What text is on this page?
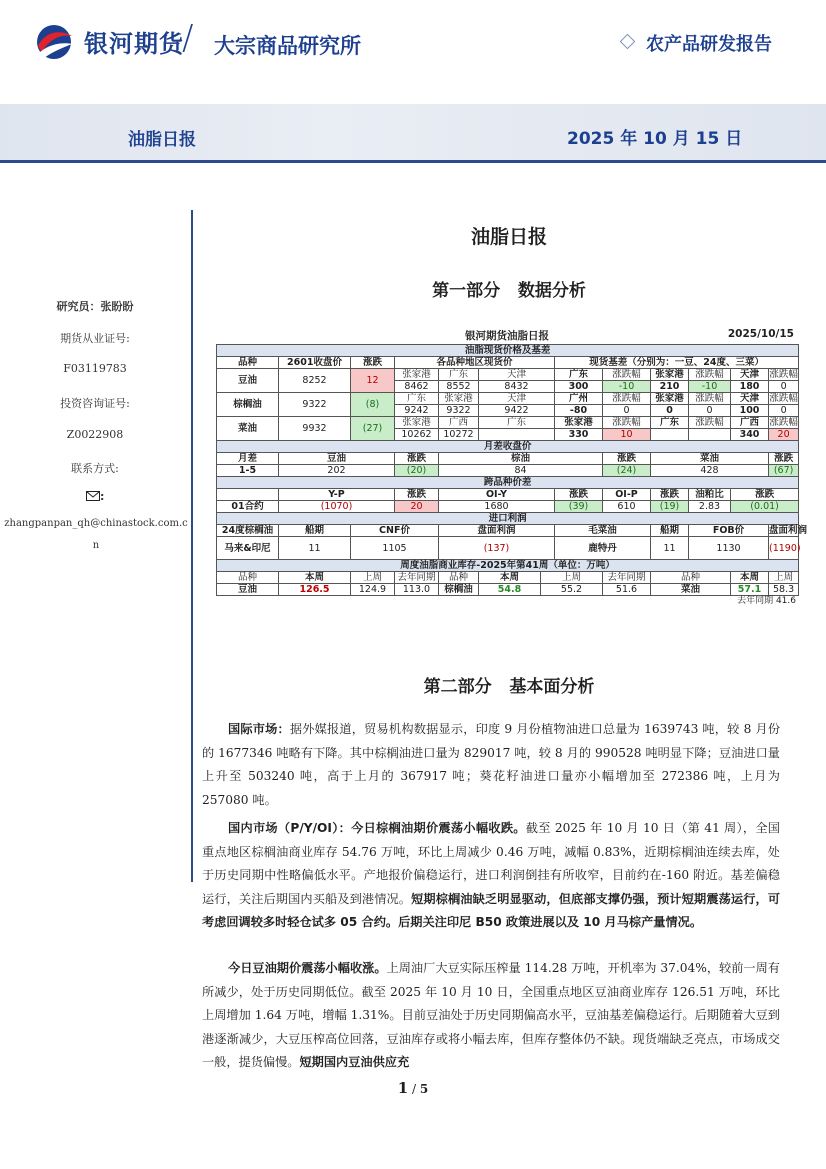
银河期货
/ 大宗商品研究所	农产品研发报告
油脂日报	2025 年 10 月 15 日
研究员：张盼盼
期货从业证号:
F03119783
投资咨询证号:
Z0022908
联系方式:
:
zhangpanpan_qh@chinastock.com.cn
油脂日报
第一部分   数据分析
银河期货油脂日报	2025/10/15
油脂现货价格及基差												
品种	2601收盘价	涨跌	各品种地区现货价				现货基差（分别为：一豆、24度、三菜）					
豆油	8252	12	张家港	广东	天津		广东	涨跌幅	张家港	涨跌幅	天津	涨跌幅
			8462	8552	8432		300	-10	210	-10	180	0
棕榈油	9322	(8)	广东	张家港	天津		广州	涨跌幅	张家港	涨跌幅	天津	涨跌幅
			9242	9322	9422		-80	0	0	0	100	0
菜油	9932	(27)	张家港	广西	广东		张家港	涨跌幅	广东	涨跌幅	广西	涨跌幅
			10262	10272			330	10			340	20
月差收盘价												
月差	豆油		涨跌	棕油				涨跌	菜油			涨跌
1-5	202		(20)	84				(24)	428			(67)
跨品种价差												
	Y-P		涨跌	OI-Y			涨跌	OI-P	涨跌	油粕比	涨跌	
01合约	(1070)		20	1680			(39)	610	(19)	2.83	(0.01)	
进口利润												
24度棕榈油	船期	CNF价		盘面利润			毛菜油		船期	FOB价		盘面利润
马来&印尼	11	1105		(137)			鹿特丹		11	1130		(1190)
周度油脂商业库存-2025年第41周（单位：万吨）												
品种	本周	上周	去年同期	品种	本周	上周		去年同期	品种		本周	上周
豆油	126.5	124.9	113.0	棕榈油	54.8	55.2		51.6	菜油		57.1	58.3
去年同期 41.6
第二部分   基本面分析
国际市场：据外媒报道，贸易机构数据显示，印度 9 月份植物油进口总量为 1639743 吨，较 8 月份的 1677346 吨略有下降。其中棕榈油进口量为 829017 吨，较 8 月的 990528 吨明显下降；豆油进口量上升至 503240 吨，高于上月的 367917 吨；葵花籽油进口量亦小幅增加至 272386 吨，上月为 257080 吨。
国内市场（P/Y/OI）：今日棕榈油期价震荡小幅收跌。截至 2025 年 10 月 10 日（第 41 周），全国重点地区棕榈油商业库存 54.76 万吨，环比上周减少 0.46 万吨，减幅 0.83%，近期棕榈油连续去库，处于历史同期中性略偏低水平。产地报价偏稳运行，进口利润倒挂有所收窄，目前约在-160 附近。基差偏稳运行，关注后期国内买船及到港情况。短期棕榈油缺乏明显驱动，但底部支撑仍强，预计短期震荡运行，可考虑回调较多时轻仓试多 05 合约。后期关注印尼 B50 政策进展以及 10 月马棕产量情况。
今日豆油期价震荡小幅收涨。上周油厂大豆实际压榨量 114.28 万吨，开机率为 37.04%，较前一周有所减少，处于历史同期低位。截至 2025 年 10 月 10 日，全国重点地区豆油商业库存 126.51 万吨，环比上周增加 1.64 万吨，增幅 1.31%。目前豆油处于历史同期偏高水平，豆油基差偏稳运行。后期随着大豆到港逐渐减少，大豆压榨高位回落，豆油库存或将小幅去库，但库存整体仍不缺。现货端缺乏亮点，市场成交一般，提货偏慢。短期国内豆油供应充
1 / 5
